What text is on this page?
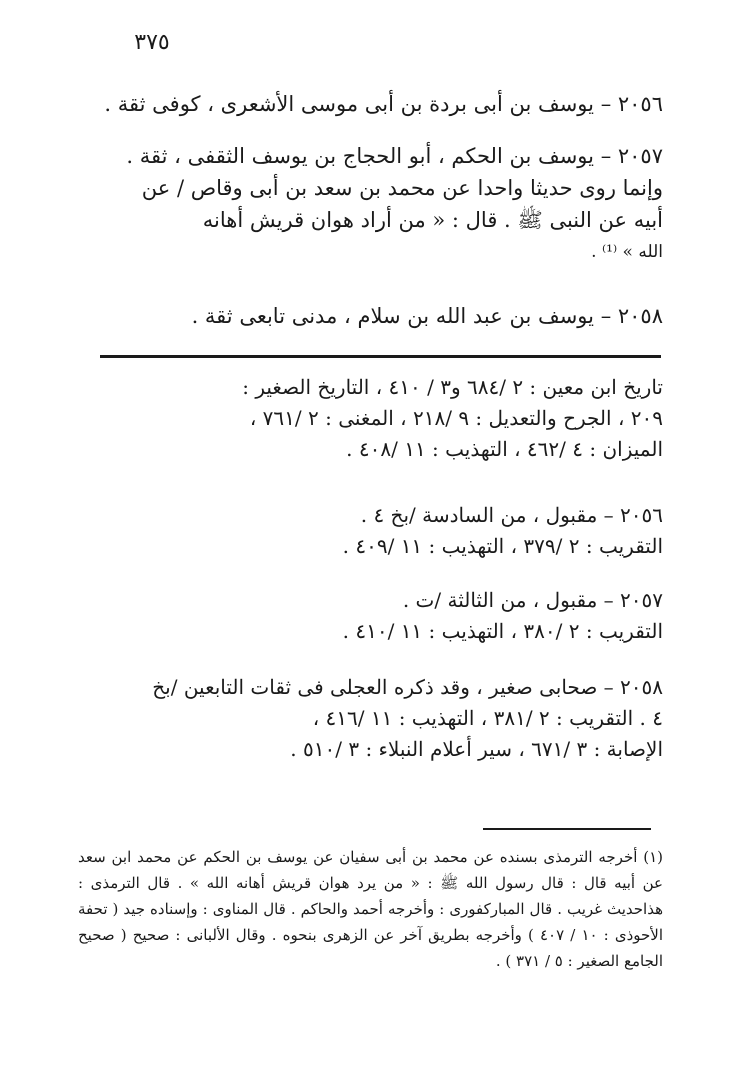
٣٧٥
٢٠٥٦ – يوسف بن أبى بردة بن أبى موسى الأشعرى ، كوفى ثقة .
٢٠٥٧ – يوسف بن الحكم ، أبو الحجاج بن يوسف الثقفى ، ثقة .
وإنما روى حديثا واحدا عن محمد بن سعد بن أبى وقاص / عن
أبيه عن النبى ﷺ . قال : « من أراد هوان قريش أهانه
الله » ⁽¹⁾ .
٢٠٥٨ – يوسف بن عبد الله بن سلام ، مدنى تابعى ثقة .
تاريخ ابن معين : ٢ /٦٨٤ و٣ / ٤١٠ ، التاريخ الصغير :
٢٠٩ ، الجرح والتعديل : ٩ /٢١٨ ، المغنى : ٢ /٧٦١ ،
الميزان : ٤ /٤٦٢ ، التهذيب : ١١ /٤٠٨ .
٢٠٥٦ – مقبول ، من السادسة /بخ ٤ .
التقريب : ٢ /٣٧٩ ، التهذيب : ١١ /٤٠٩ .
٢٠٥٧ – مقبول ، من الثالثة /ت .
التقريب : ٢ /٣٨٠ ، التهذيب : ١١ /٤١٠ .
٢٠٥٨ – صحابى صغير ، وقد ذكره العجلى فى ثقات التابعين /بخ
٤ . التقريب : ٢ /٣٨١ ، التهذيب : ١١ /٤١٦ ،
الإصابة : ٣ /٦٧١ ، سير أعلام النبلاء : ٣ /٥١٠ .
(١) أخرجه الترمذى بسنده عن محمد بن أبى سفيان عن يوسف بن الحكم عن محمد ابن سعد عن أبيه قال : قال رسول الله ﷺ : « من يرد هوان قريش أهانه الله » . قال الترمذى : هذاحديث غريب . قال المباركفورى : وأخرجه أحمد والحاكم . قال المناوى : وإسناده جيد ( تحفة الأحوذى : ١٠ / ٤٠٧ ) وأخرجه بطريق آخر عن الزهرى بنحوه . وقال الألبانى : صحيح ( صحيح الجامع الصغير : ٥ / ٣٧١ ) .
